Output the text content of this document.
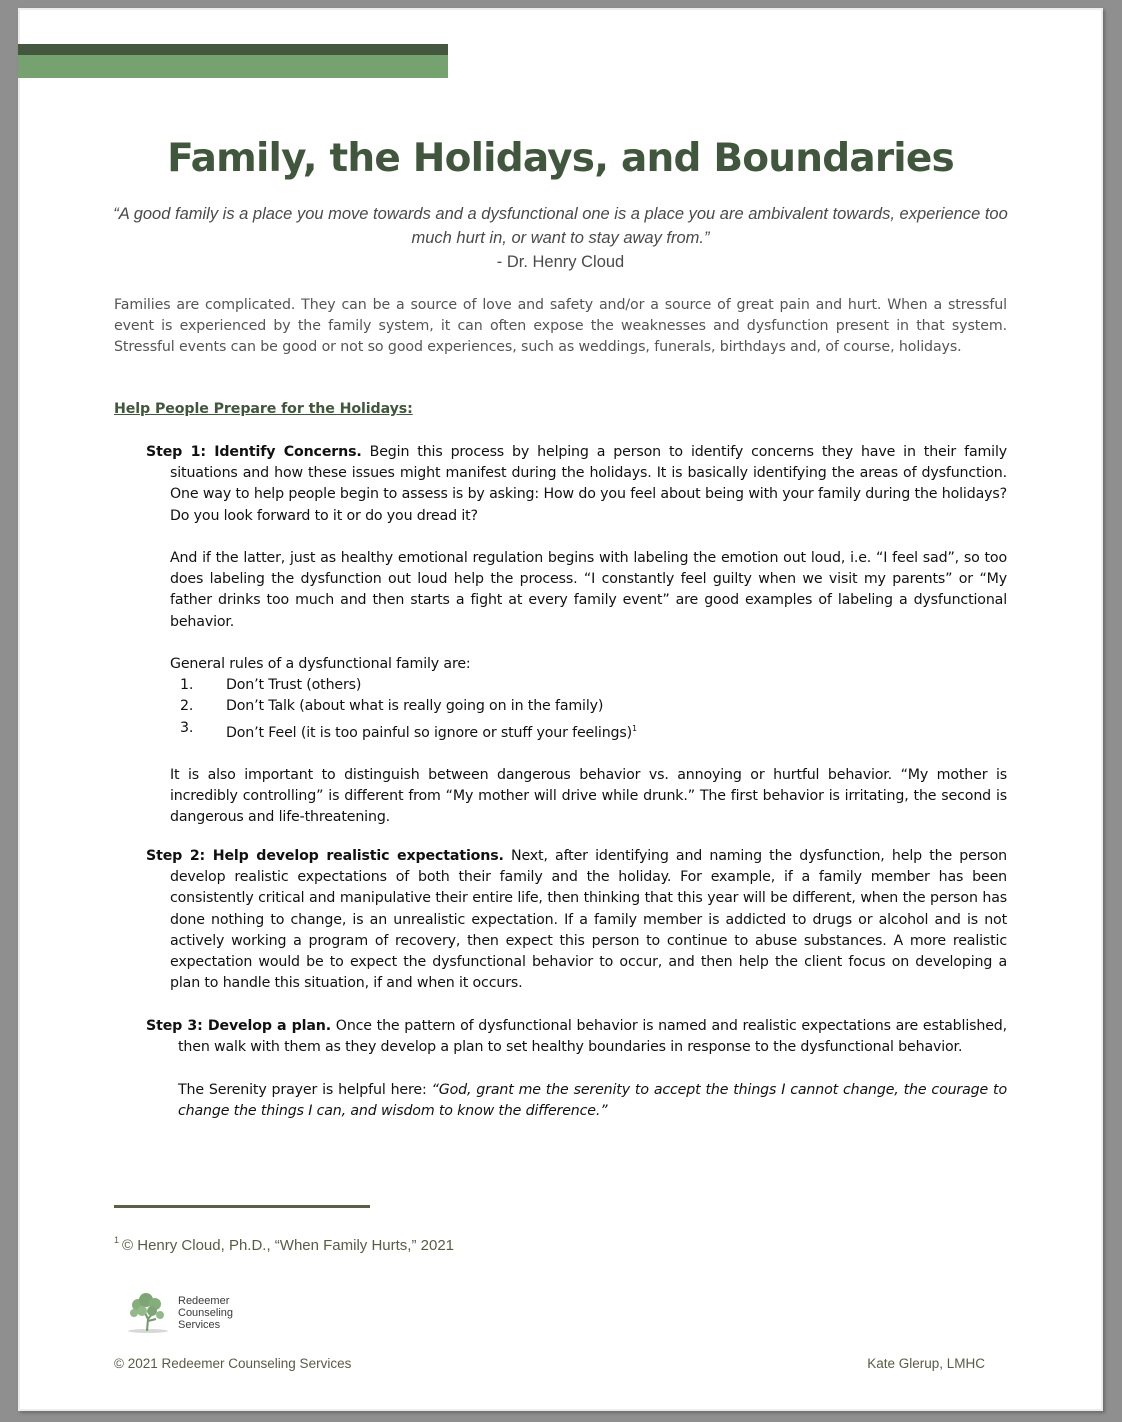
Family, the Holidays, and Boundaries
“A good family is a place you move towards and a dysfunctional one is a place you are ambivalent towards, experience too much hurt in, or want to stay away from.”
- Dr. Henry Cloud

Families are complicated. They can be a source of love and safety and/or a source of great pain and hurt. When a stressful event is experienced by the family system, it can often expose the weaknesses and dysfunction present in that system. Stressful events can be good or not so good experiences, such as weddings, funerals, birthdays and, of course, holidays.

Help People Prepare for the Holidays:

Step 1: Identify Concerns. Begin this process by helping a person to identify concerns they have in their family situations and how these issues might manifest during the holidays. It is basically identifying the areas of dysfunction. One way to help people begin to assess is by asking: How do you feel about being with your family during the holidays? Do you look forward to it or do you dread it?

And if the latter, just as healthy emotional regulation begins with labeling the emotion out loud, i.e. “I feel sad”, so too does labeling the dysfunction out loud help the process. “I constantly feel guilty when we visit my parents” or “My father drinks too much and then starts a fight at every family event” are good examples of labeling a dysfunctional behavior.

General rules of a dysfunctional family are:

1.	Don’t Trust (others)
2.	Don’t Talk (about what is really going on in the family)
3.	Don’t Feel (it is too painful so ignore or stuff your feelings)$^1$

It is also important to distinguish between dangerous behavior vs. annoying or hurtful behavior. “My mother is incredibly controlling” is different from “My mother will drive while drunk.” The first behavior is irritating, the second is dangerous and life-threatening.

Step 2: Help develop realistic expectations. Next, after identifying and naming the dysfunction, help the person develop realistic expectations of both their family and the holiday. For example, if a family member has been consistently critical and manipulative their entire life, then thinking that this year will be different, when the person has done nothing to change, is an unrealistic expectation. If a family member is addicted to drugs or alcohol and is not actively working a program of recovery, then expect this person to continue to abuse substances. A more realistic expectation would be to expect the dysfunctional behavior to occur, and then help the client focus on developing a plan to handle this situation, if and when it occurs.

Step 3: Develop a plan. Once the pattern of dysfunctional behavior is named and realistic expectations are established, then walk with them as they develop a plan to set healthy boundaries in response to the dysfunctional behavior.

The Serenity prayer is helpful here: “God, grant me the serenity to accept the things I cannot change, the courage to change the things I can, and wisdom to know the difference.”

$^1$ © Henry Cloud, Ph.D., “When Family Hurts,” 2021
Redeemer
Counseling
Services
© 2021 Redeemer Counseling Services	Kate Glerup, LMHC
